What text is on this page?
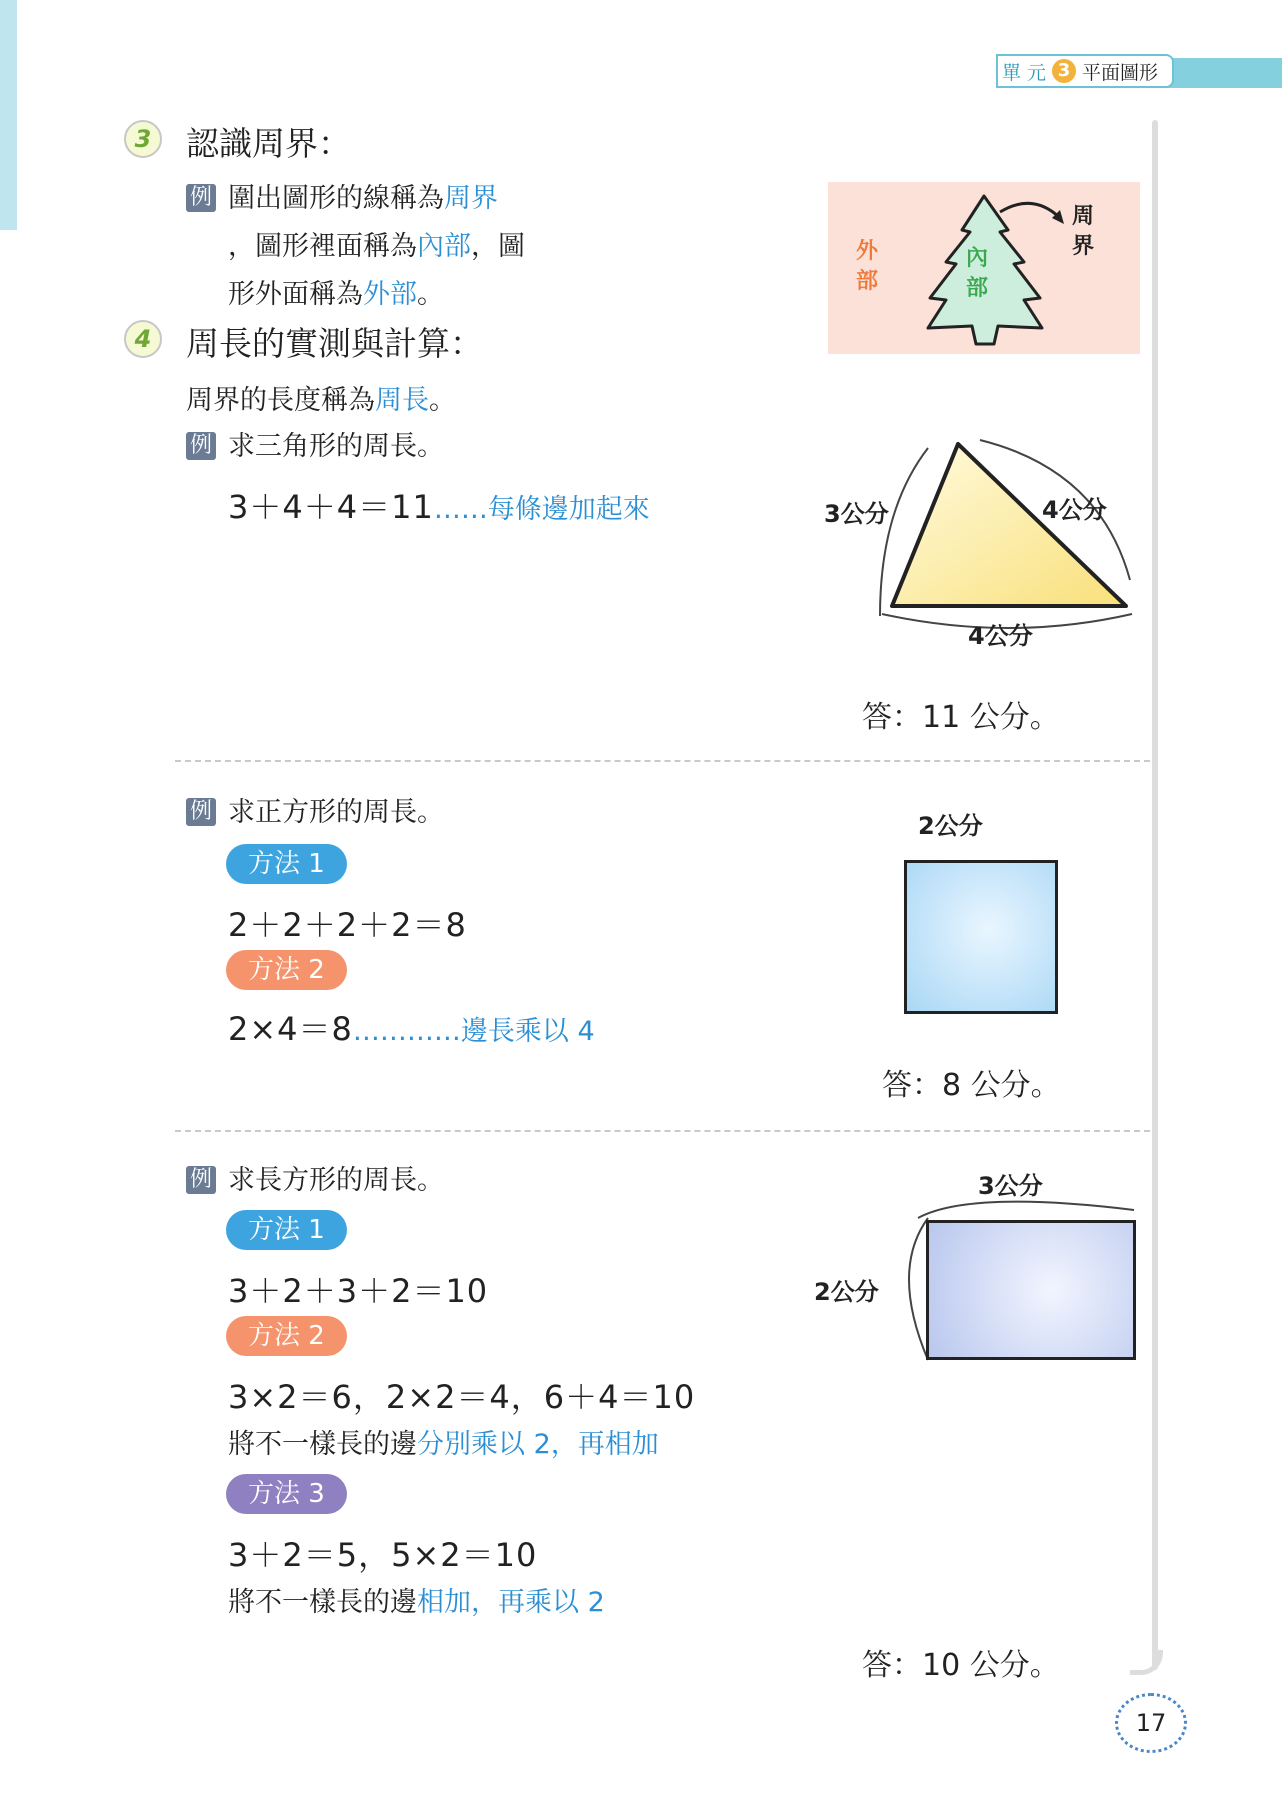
單 元 3 平面圖形
3	認識周界：
例 圍出圖形的線稱為周界
，圖形裡面稱為內部，圖
形外面稱為外部。
外部
內部
周界
4	周長的實測與計算：
周界的長度稱為周長。
例 求三角形的周長。
3＋4＋4＝11……每條邊加起來	3公分	4公分
4公分
答：11 公分。
例 求正方形的周長。
方法 1
2＋2＋2＋2＝8
方法 2
2×4＝8…………邊長乘以 4
2公分
答：8 公分。
例 求長方形的周長。
方法 1
3＋2＋3＋2＝10
方法 2
3×2＝6，2×2＝4，6＋4＝10
將不一樣長的邊分別乘以 2，再相加
方法 3
3＋2＝5，5×2＝10
將不一樣長的邊相加，再乘以 2
3公分
2公分
答：10 公分。
17
